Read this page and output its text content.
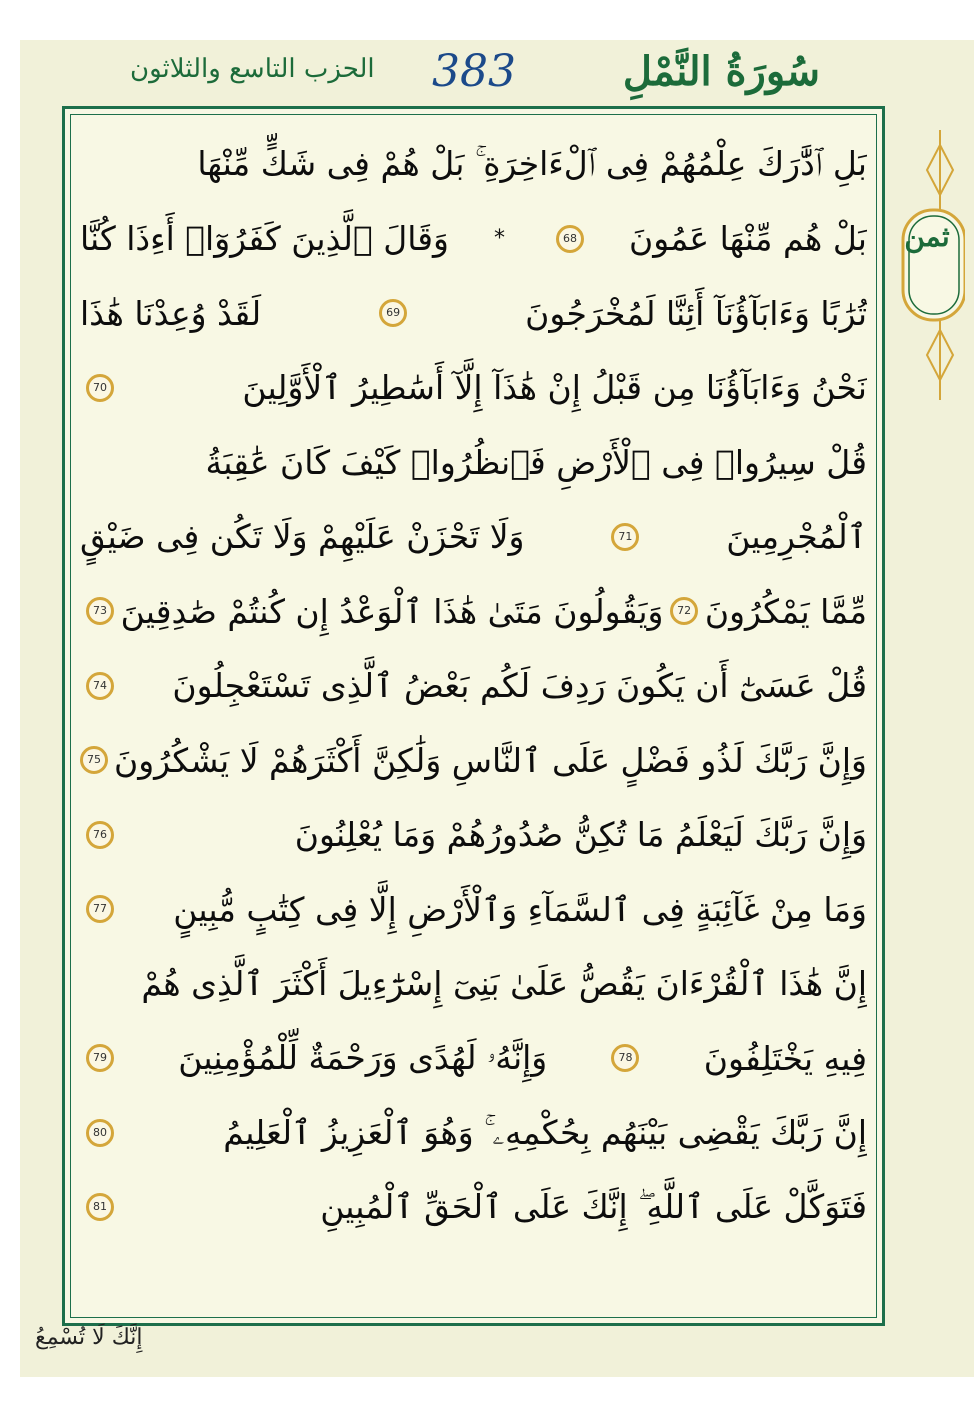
سُورَةُ النَّمْلِ
383
الحزب التاسع والثلاثون
ثمن
بَلِ ٱدَّٰرَكَ عِلْمُهُمْ فِى ٱلْءَاخِرَةِ ۚ بَلْ هُمْ فِى شَكٍّ مِّنْهَا
بَلْ هُم مِّنْهَا عَمُونَ
68
*
وَقَالَ ٱلَّذِينَ كَفَرُوٓا۟ أَءِذَا كُنَّا
تُرَٰبًا وَءَابَآؤُنَآ أَئِنَّا لَمُخْرَجُونَ
69
لَقَدْ وُعِدْنَا هَٰذَا
نَحْنُ وَءَابَآؤُنَا مِن قَبْلُ إِنْ هَٰذَآ إِلَّآ أَسَٰطِيرُ ٱلْأَوَّلِينَ
70
قُلْ سِيرُوا۟ فِى ٱلْأَرْضِ فَٱنظُرُوا۟ كَيْفَ كَانَ عَٰقِبَةُ
ٱلْمُجْرِمِينَ
71
وَلَا تَحْزَنْ عَلَيْهِمْ وَلَا تَكُن فِى ضَيْقٍ
مِّمَّا يَمْكُرُونَ
72
وَيَقُولُونَ مَتَىٰ هَٰذَا ٱلْوَعْدُ إِن كُنتُمْ صَٰدِقِينَ
73
قُلْ عَسَىٰٓ أَن يَكُونَ رَدِفَ لَكُم بَعْضُ ٱلَّذِى تَسْتَعْجِلُونَ
74
وَإِنَّ رَبَّكَ لَذُو فَضْلٍ عَلَى ٱلنَّاسِ وَلَٰكِنَّ أَكْثَرَهُمْ لَا يَشْكُرُونَ
75
وَإِنَّ رَبَّكَ لَيَعْلَمُ مَا تُكِنُّ صُدُورُهُمْ وَمَا يُعْلِنُونَ
76
وَمَا مِنْ غَآئِبَةٍ فِى ٱلسَّمَآءِ وَٱلْأَرْضِ إِلَّا فِى كِتَٰبٍ مُّبِينٍ
77
إِنَّ هَٰذَا ٱلْقُرْءَانَ يَقُصُّ عَلَىٰ بَنِىٓ إِسْرَٰٓءِيلَ أَكْثَرَ ٱلَّذِى هُمْ
فِيهِ يَخْتَلِفُونَ
78
وَإِنَّهُۥ لَهُدًى وَرَحْمَةٌ لِّلْمُؤْمِنِينَ
79
إِنَّ رَبَّكَ يَقْضِى بَيْنَهُم بِحُكْمِهِۦ ۚ وَهُوَ ٱلْعَزِيزُ ٱلْعَلِيمُ
80
فَتَوَكَّلْ عَلَى ٱللَّهِ ۖ إِنَّكَ عَلَى ٱلْحَقِّ ٱلْمُبِينِ
81
إِنَّكَ لَا تُسْمِعُ
